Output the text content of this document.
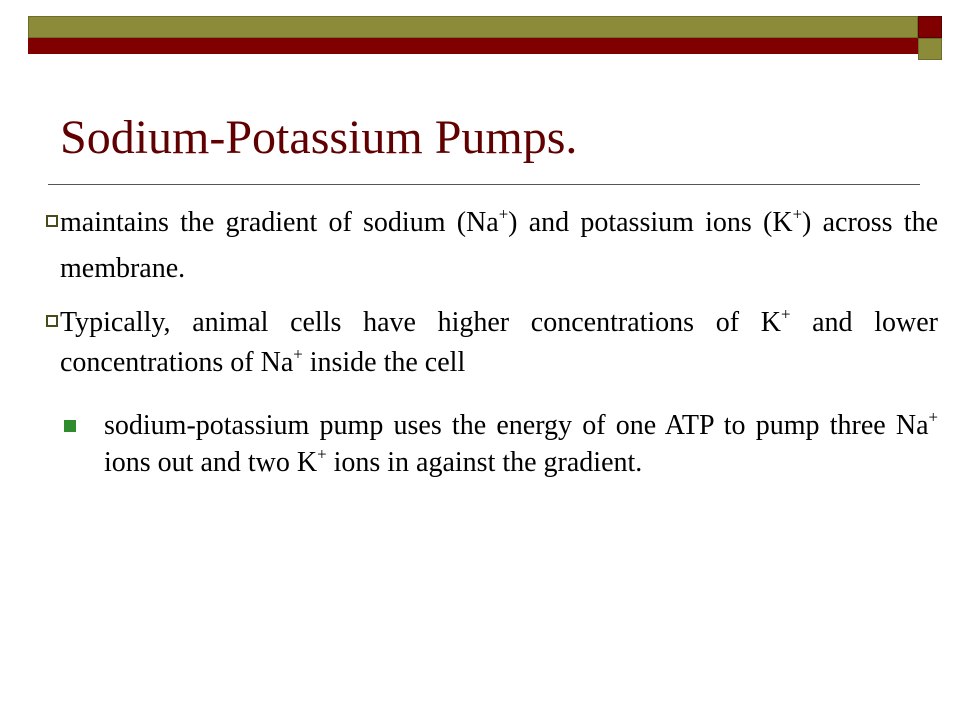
Sodium-Potassium Pumps.
maintains the gradient of sodium (Na+) and potassium ions (K+) across the membrane.
Typically, animal cells have higher concentrations of K+ and lower concentrations of Na+ inside the cell
sodium-potassium pump uses the energy of one ATP to pump three Na+ ions out and two K+ ions in against the gradient.
